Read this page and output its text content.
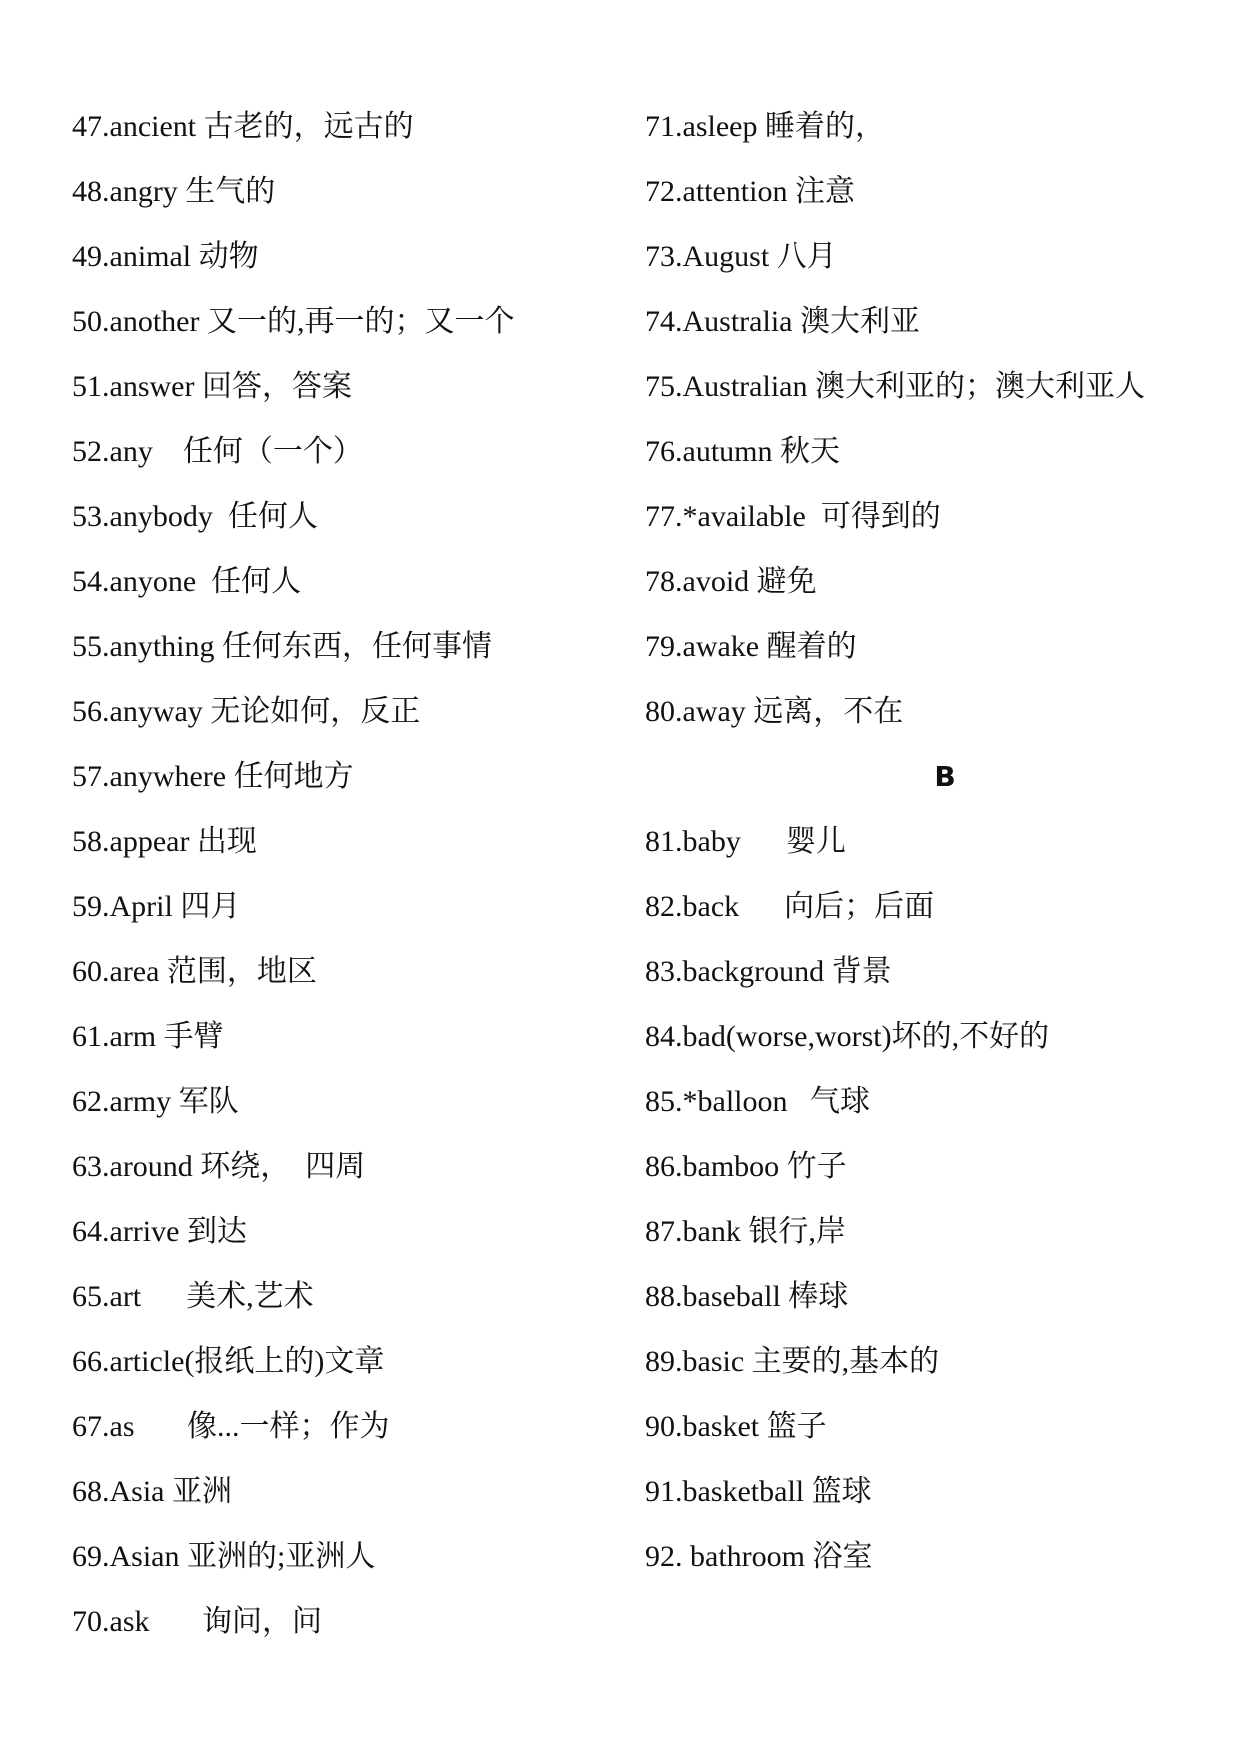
47.ancient 古老的，远古的
48.angry 生气的
49.animal 动物
50.another 又一的,再一的；又一个
51.answer 回答，答案
52.any    任何（一个）
53.anybody  任何人
54.anyone  任何人
55.anything 任何东西，任何事情
56.anyway 无论如何，反正
57.anywhere 任何地方
58.appear 出现
59.April 四月
60.area 范围，地区
61.arm 手臂
62.army 军队
63.around 环绕，  四周
64.arrive 到达
65.art      美术,艺术
66.article(报纸上的)文章
67.as       像...一样；作为
68.Asia 亚洲
69.Asian 亚洲的;亚洲人
70.ask       询问，问
71.asleep 睡着的，
72.attention 注意
73.August 八月
74.Australia 澳大利亚
75.Australian 澳大利亚的；澳大利亚人
76.autumn 秋天
77.*available  可得到的
78.avoid 避免
79.awake 醒着的
80.away 远离，不在
B
81.baby      婴儿
82.back      向后；后面
83.background 背景
84.bad(worse,worst)坏的,不好的
85.*balloon   气球
86.bamboo 竹子
87.bank 银行,岸
88.baseball 棒球
89.basic 主要的,基本的
90.basket 篮子
91.basketball 篮球
92. bathroom 浴室
